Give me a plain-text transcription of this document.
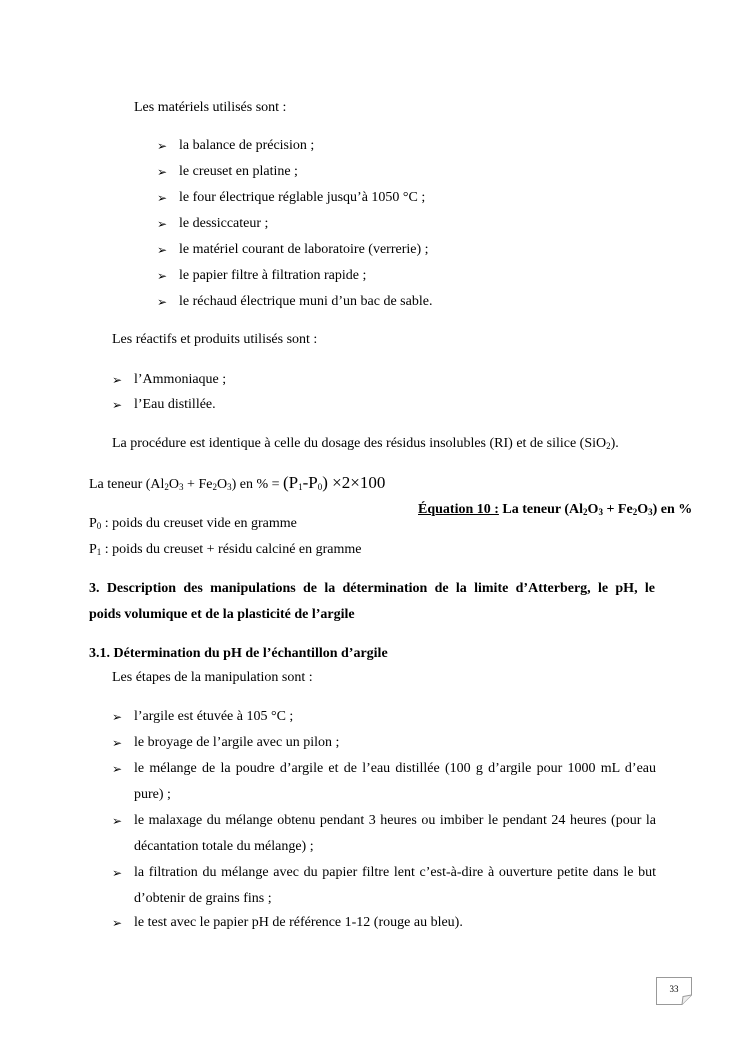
Les matériels utilisés sont :
➢ la balance de précision ;
➢ le creuset en platine ;
➢ le four électrique réglable jusqu’à 1050 °C ;
➢ le dessiccateur ;
➢ le matériel courant de laboratoire (verrerie) ;
➢ le papier filtre à filtration rapide ;
➢ le réchaud électrique muni d’un bac de sable.
Les réactifs et produits utilisés sont :
➢ l’Ammoniaque ;
➢ l’Eau distillée.
La procédure est identique à celle du dosage des résidus insolubles (RI) et de silice (SiO$_2$).
La teneur $(Al_2O_3 + Fe_2O_3)$ en % = $(P_1-P_0) \times 2\times 100$
Équation 10 : La teneur $(Al_2O_3 + Fe_2O_3)$ en %
$P_0$ : poids du creuset vide en gramme
$P_1$ : poids du creuset + résidu calciné en gramme
3. Description des manipulations de la détermination de la limite d’Atterberg, le pH, le
poids volumique et de la plasticité de l’argile
3.1. Détermination du pH de l’échantillon d’argile
Les étapes de la manipulation sont :
➢ l’argile est étuvée à 105 °C ;
➢ le broyage de l’argile avec un pilon ;
➢ le mélange de la poudre d’argile et de l’eau distillée (100 g d’argile pour 1000 mL d’eau pure) ;
➢ le malaxage du mélange obtenu pendant 3 heures ou imbiber le pendant 24 heures (pour la décantation totale du mélange) ;
➢ la filtration du mélange avec du papier filtre lent c’est-à-dire à ouverture petite dans le but d’obtenir de grains fins ;
➢ le test avec le papier pH de référence 1-12 (rouge au bleu).
33
